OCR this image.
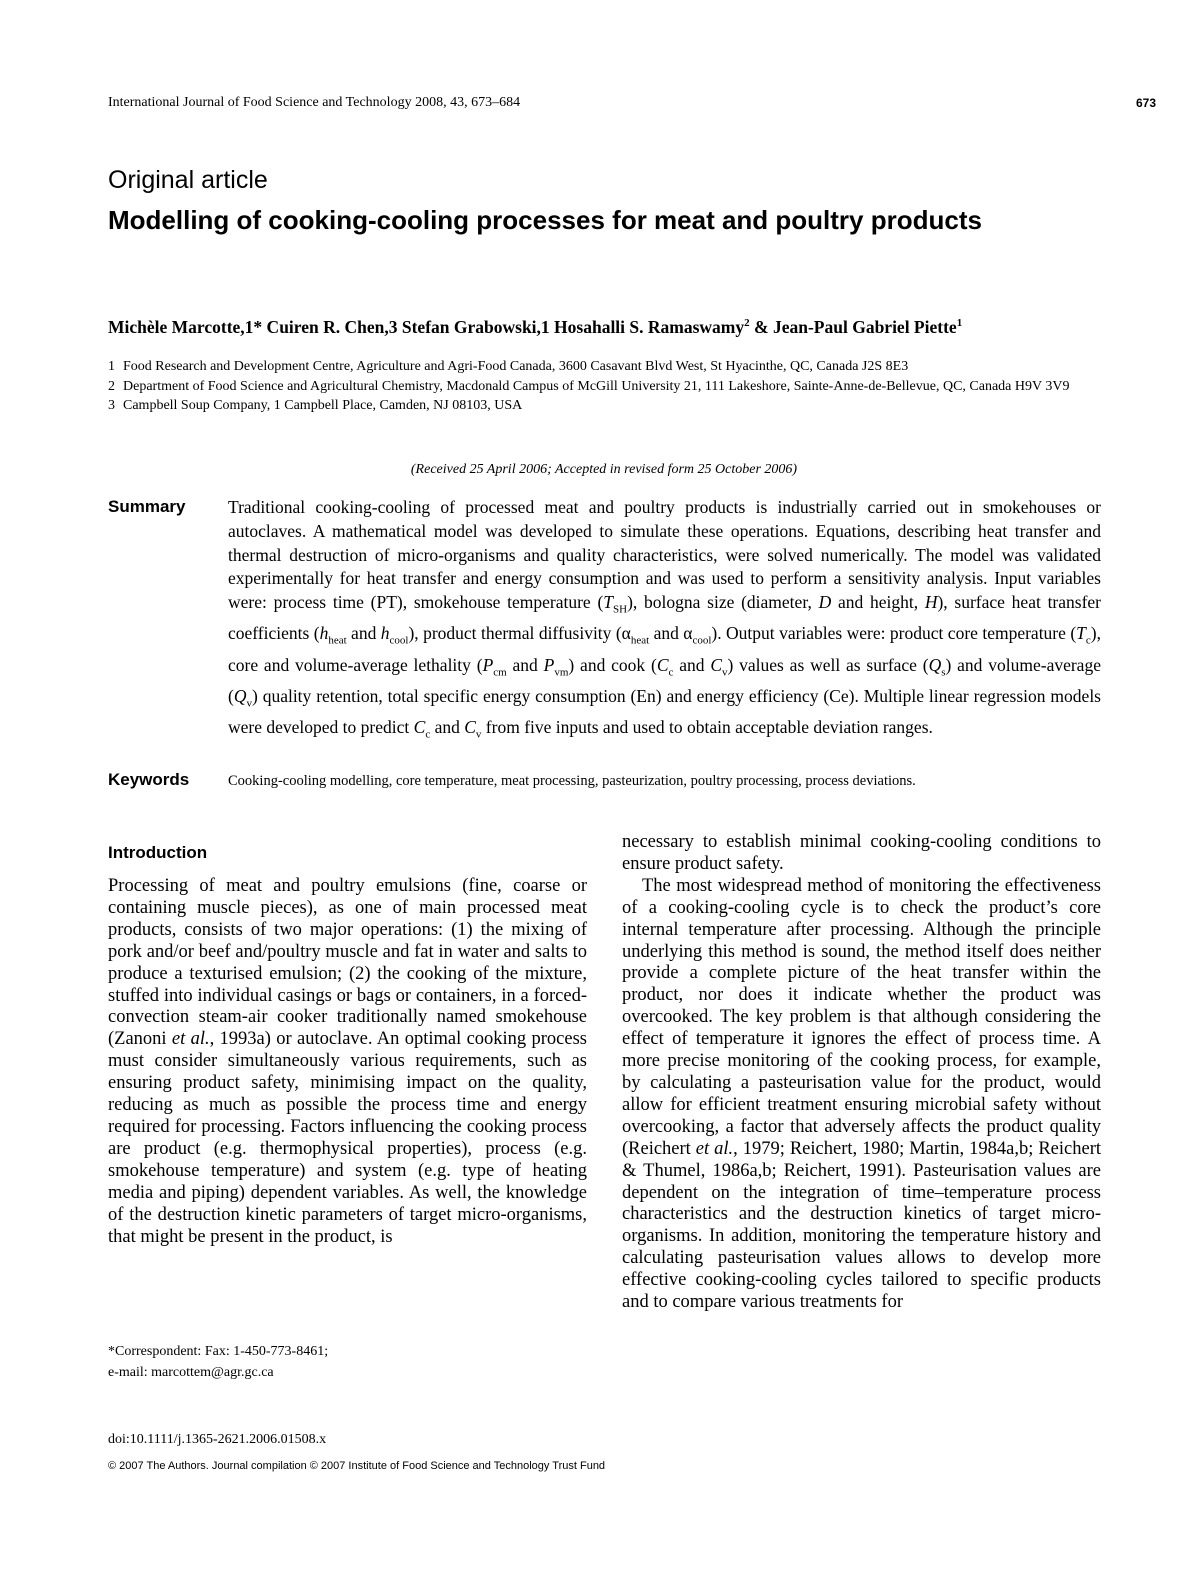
International Journal of Food Science and Technology 2008, 43, 673–684	673
Original article
Modelling of cooking-cooling processes for meat and poultry products
Michèle Marcotte,1* Cuiren R. Chen,3 Stefan Grabowski,1 Hosahalli S. Ramaswamy$^2$ & Jean-Paul Gabriel Piette$^1$
1 Food Research and Development Centre, Agriculture and Agri-Food Canada, 3600 Casavant Blvd West, St Hyacinthe, QC, Canada J2S 8E3
2 Department of Food Science and Agricultural Chemistry, Macdonald Campus of McGill University 21, 111 Lakeshore, Sainte-Anne-de-Bellevue, QC, Canada H9V 3V9
3 Campbell Soup Company, 1 Campbell Place, Camden, NJ 08103, USA
(Received 25 April 2006; Accepted in revised form 25 October 2006)
Summary Traditional cooking-cooling of processed meat and poultry products is industrially carried out in smokehouses or autoclaves. A mathematical model was developed to simulate these operations. Equations, describing heat transfer and thermal destruction of micro-organisms and quality characteristics, were solved numerically. The model was validated experimentally for heat transfer and energy consumption and was used to perform a sensitivity analysis. Input variables were: process time (PT), smokehouse temperature $(T_{SH})$, bologna size (diameter, D and height, H), surface heat transfer coefficients ($h_{heat}$ and $h_{cool}$), product thermal diffusivity ($\alpha_{heat}$ and $\alpha_{cool}$). Output variables were: product core temperature $(T_c)$, core and volume-average lethality ($P_{cm}$ and $P_{vm}$) and cook ($C_c$ and $C_v$) values as well as surface $(Q_s)$ and volume-average $(Q_v)$ quality retention, total specific energy consumption (En) and energy efficiency (Ce). Multiple linear regression models were developed to predict $C_c$ and $C_v$ from five inputs and used to obtain acceptable deviation ranges.
Keywords	Cooking-cooling modelling, core temperature, meat processing, pasteurization, poultry processing, process deviations.
Introduction

Processing of meat and poultry emulsions (fine, coarse or containing muscle pieces), as one of main processed meat products, consists of two major operations: (1) the mixing of pork and/or beef and/poultry muscle and fat in water and salts to produce a texturised emulsion; (2) the cooking of the mixture, stuffed into individual casings or bags or containers, in a forced-convection steam-air cooker traditionally named smokehouse (Zanoni et al., 1993a) or autoclave. An optimal cooking process must consider simultaneously various requirements, such as ensuring product safety, minimising impact on the quality, reducing as much as possible the process time and energy required for processing. Factors influencing the cooking process are product (e.g. thermophysical properties), process (e.g. smokehouse temperature) and system (e.g. type of heating media and piping) dependent variables. As well, the knowledge of the destruction kinetic parameters of target micro-organisms, that might be present in the product, is

necessary to establish minimal cooking-cooling conditions to ensure product safety.

The most widespread method of monitoring the effectiveness of a cooking-cooling cycle is to check the product’s core internal temperature after processing. Although the principle underlying this method is sound, the method itself does neither provide a complete picture of the heat transfer within the product, nor does it indicate whether the product was overcooked. The key problem is that although considering the effect of temperature it ignores the effect of process time. A more precise monitoring of the cooking process, for example, by calculating a pasteurisation value for the product, would allow for efficient treatment ensuring microbial safety without overcooking, a factor that adversely affects the product quality (Reichert et al., 1979; Reichert, 1980; Martin, 1984a,b; Reichert & Thumel, 1986a,b; Reichert, 1991). Pasteurisation values are dependent on the integration of time–temperature process characteristics and the destruction kinetics of target micro-organisms. In addition, monitoring the temperature history and calculating pasteurisation values allows to develop more effective cooking-cooling cycles tailored to specific products and to compare various treatments for

*Correspondent: Fax: 1-450-773-8461;
e-mail: marcottem@agr.gc.ca
doi:10.1111/j.1365-2621.2006.01508.x
© 2007 The Authors. Journal compilation © 2007 Institute of Food Science and Technology Trust Fund
